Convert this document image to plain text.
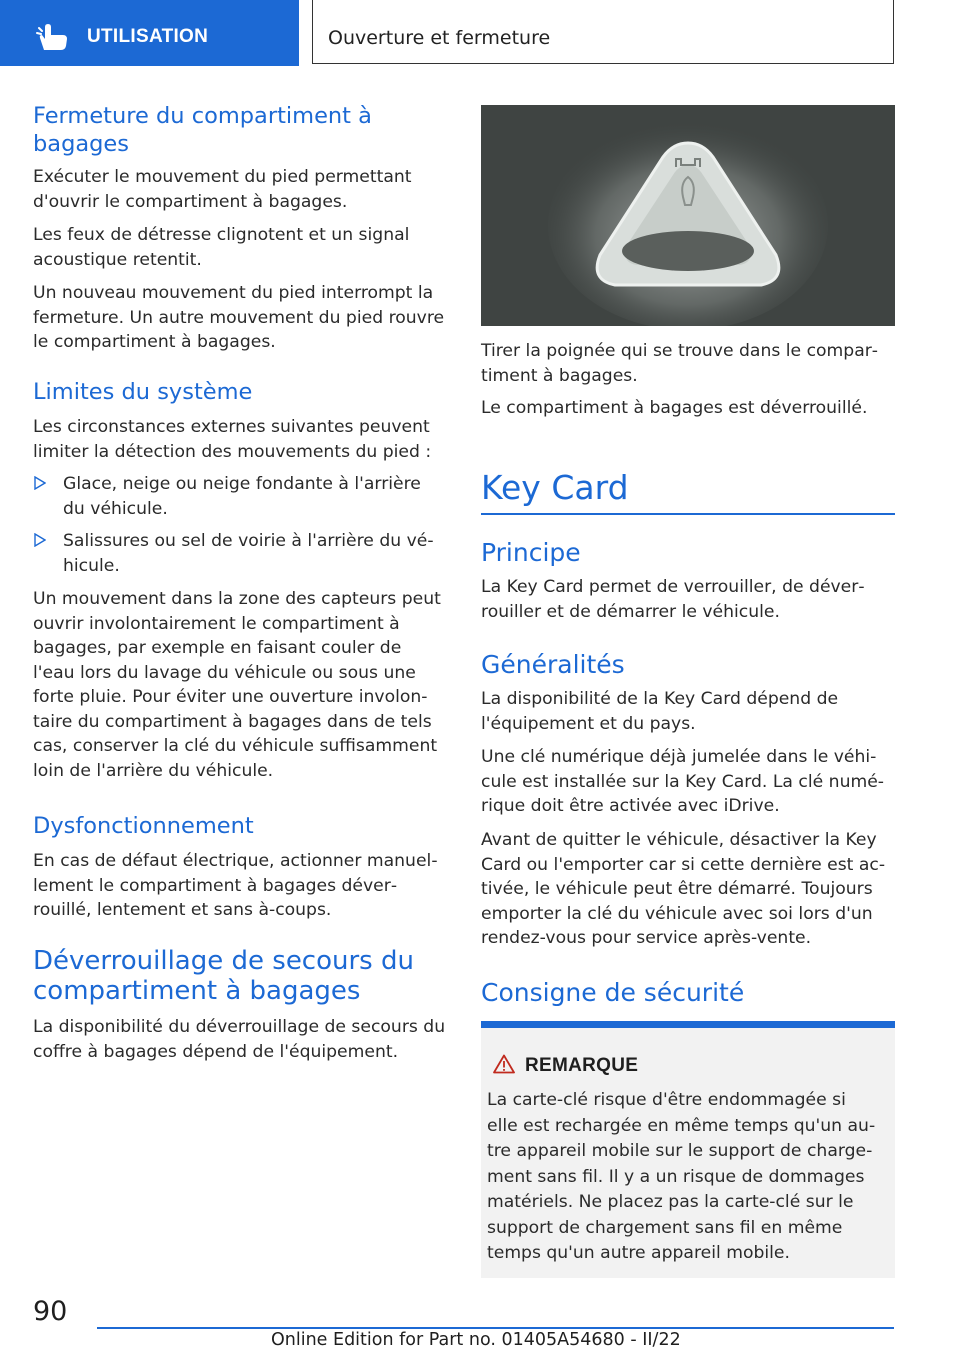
UTILISATION	Ouverture et fermeture
Fermeture du compartiment à bagages

Exécuter le mouvement du pied permettant d'ouvrir le compartiment à bagages.

Les feux de détresse clignotent et un signal acoustique retentit.

Un nouveau mouvement du pied interrompt la fermeture. Un autre mouvement du pied rouvre le compartiment à bagages.

Limites du système

Les circonstances externes suivantes peuvent limiter la détection des mouvements du pied :

Glace, neige ou neige fondante à l'arrière du véhicule.
Salissures ou sel de voirie à l'arrière du véhicule.

Un mouvement dans la zone des capteurs peut ouvrir involontairement le compartiment à bagages, par exemple en faisant couler de l'eau lors du lavage du véhicule ou sous une forte pluie. Pour éviter une ouverture involontaire du compartiment à bagages dans de tels cas, conserver la clé du véhicule suffisamment loin de l'arrière du véhicule.

Dysfonctionnement

En cas de défaut électrique, actionner manuellement le compartiment à bagages déverrouillé, lentement et sans à-coups.

Déverrouillage de secours du compartiment à bagages

La disponibilité du déverrouillage de secours du coffre à bagages dépend de l'équipement.

Tirer la poignée qui se trouve dans le compartiment à bagages.

Le compartiment à bagages est déverrouillé.

Key Card
Principe

La Key Card permet de verrouiller, de déverrouiller et de démarrer le véhicule.

Généralités

La disponibilité de la Key Card dépend de l'équipement et du pays.

Une clé numérique déjà jumelée dans le véhicule est installée sur la Key Card. La clé numérique doit être activée avec iDrive.

Avant de quitter le véhicule, désactiver la Key Card ou l'emporter car si cette dernière est activée, le véhicule peut être démarré. Toujours emporter la clé du véhicule avec soi lors d'un rendez-vous pour service après-vente.

Consigne de sécurité
REMARQUE

La carte-clé risque d'être endommagée si elle est rechargée en même temps qu'un autre appareil mobile sur le support de chargement sans fil. Il y a un risque de dommages matériels. Ne placez pas la carte-clé sur le support de chargement sans fil en même temps qu'un autre appareil mobile.

90
Online Edition for Part no. 01405A54680 - II/22
